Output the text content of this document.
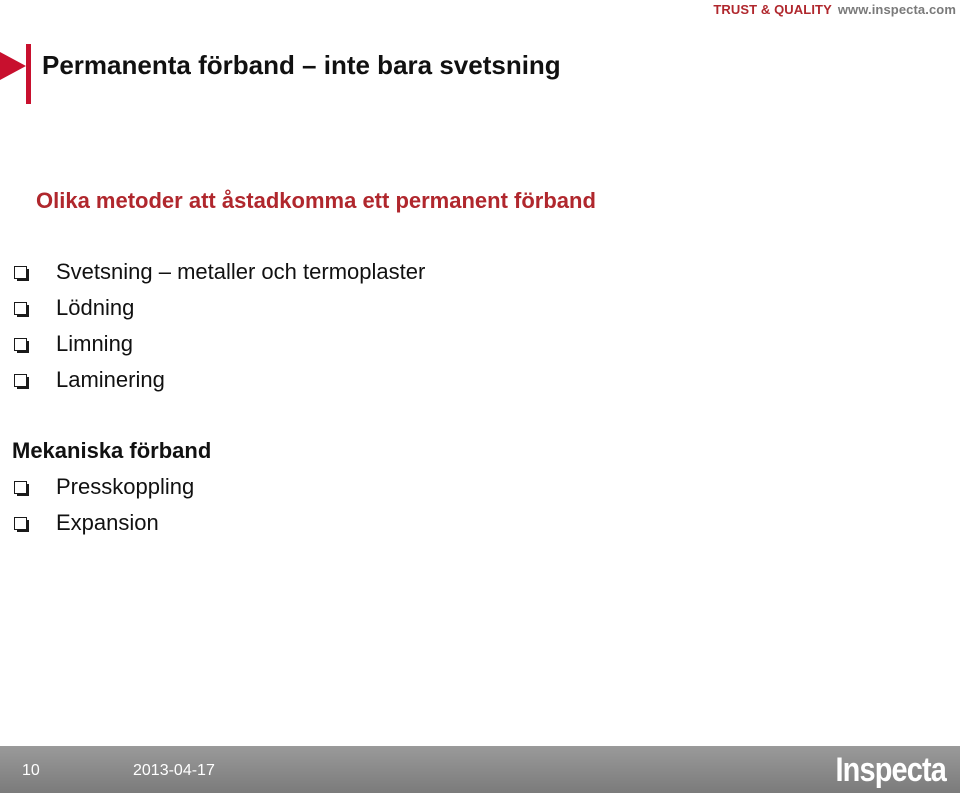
TRUST & QUALITY www.inspecta.com
Permanenta förband – inte bara svetsning
Olika metoder att åstadkomma ett permanent förband
Svetsning – metaller och termoplaster
Lödning
Limning
Laminering
Mekaniska förband
Presskoppling
Expansion
10	2013-04-17	Inspecta
